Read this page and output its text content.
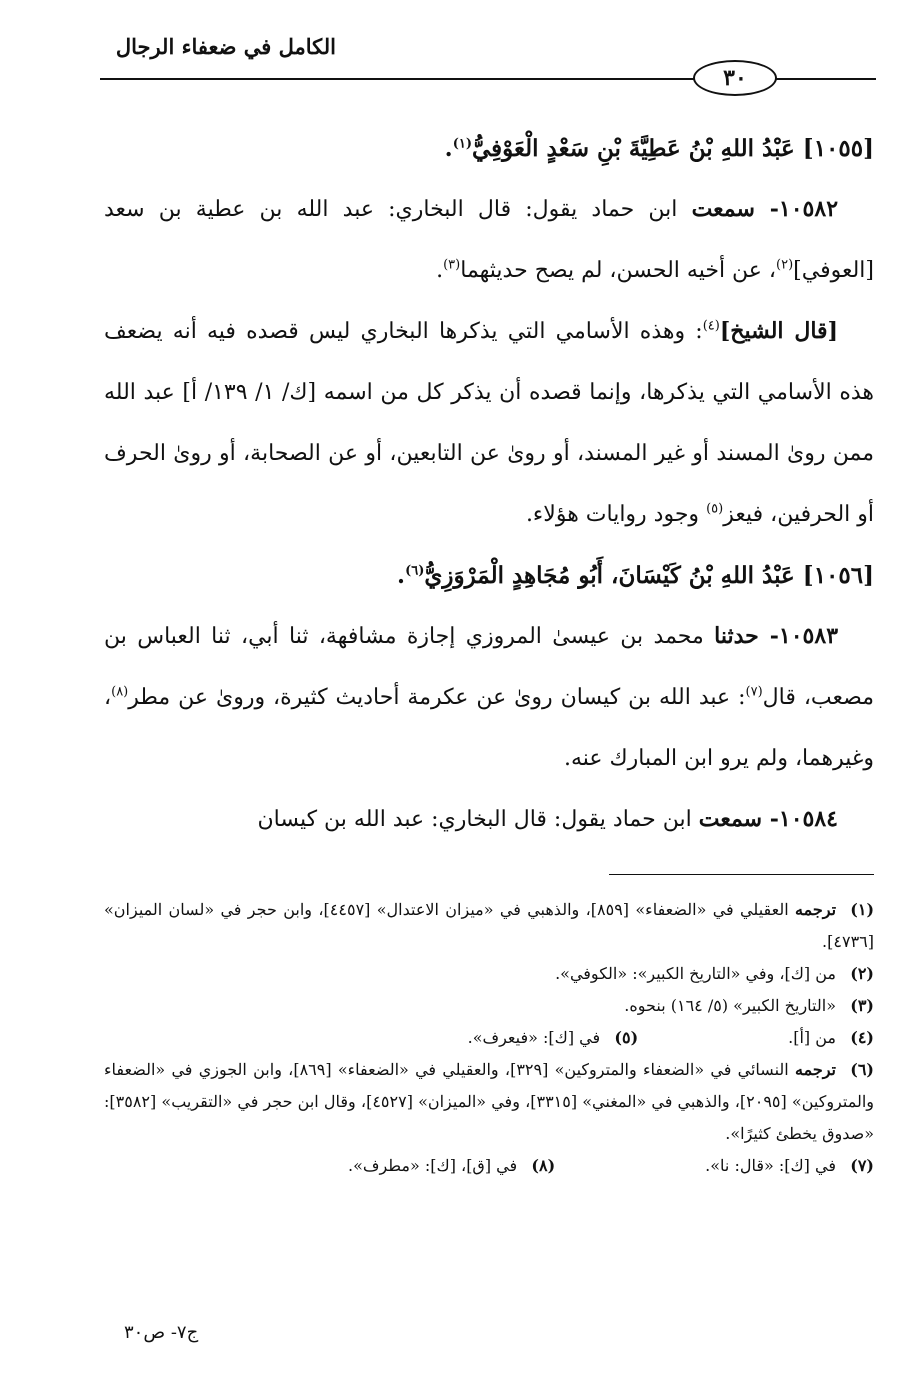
الكامل في ضعفاء الرجال
٣٠

[١٠٥٥] عَبْدُ اللهِ بْنُ عَطِيَّةَ بْنِ سَعْدٍ الْعَوْفِيُّ$^{(١)}$.

١٠٥٨٢- سمعت ابن حماد يقول: قال البخاري: عبد الله بن عطية بن سعد [العوفي]$^{(٢)}$، عن أخيه الحسن، لم يصح حديثهما$^{(٣)}$.

[قال الشيخ]$^{(٤)}$: وهذه الأسامي التي يذكرها البخاري ليس قصده فيه أنه يضعف هذه الأسامي التي يذكرها، وإنما قصده أن يذكر كل من اسمه [ك/ ١/ ١٣٩/ أ] عبد الله ممن روىٰ المسند أو غير المسند، أو روىٰ عن التابعين، أو عن الصحابة، أو روىٰ الحرف أو الحرفين، فيعز$^{(٥)}$ وجود روايات هؤلاء.

[١٠٥٦] عَبْدُ اللهِ بْنُ كَيْسَانَ، أَبُو مُجَاهِدٍ الْمَرْوَزِيُّ$^{(٦)}$.

١٠٥٨٣- حدثنا محمد بن عيسىٰ المروزي إجازة مشافهة، ثنا أبي، ثنا العباس بن مصعب، قال$^{(٧)}$: عبد الله بن كيسان روىٰ عن عكرمة أحاديث كثيرة، وروىٰ عن مطر$^{(٨)}$، وغيرهما، ولم يرو ابن المبارك عنه.

١٠٥٨٤- سمعت ابن حماد يقول: قال البخاري: عبد الله بن كيسان

(١)ترجمه العقيلي في «الضعفاء» [٨٥٩]، والذهبي في «ميزان الاعتدال» [٤٤٥٧]، وابن حجر في «لسان الميزان» [٤٧٣٦].

(٢)من [ك]، وفي «التاريخ الكبير»: «الكوفي».

(٣)«التاريخ الكبير» (٥/ ١٦٤) بنحوه.

(٤)من [أ].
(٥)في [ك]: «فيعرف».

(٦)ترجمه النسائي في «الضعفاء والمتروكين» [٣٢٩]، والعقيلي في «الضعفاء» [٨٦٩]، وابن الجوزي في «الضعفاء والمتروكين» [٢٠٩٥]، والذهبي في «المغني» [٣٣١٥]، وفي «الميزان» [٤٥٢٧]، وقال ابن حجر في «التقريب» [٣٥٨٢]: «صدوق يخطئ كثيرًا».

(٧)في [ك]: «قال: نا».
(٨)في [ق]، [ك]: «مطرف».

ج٧- ص٣٠
